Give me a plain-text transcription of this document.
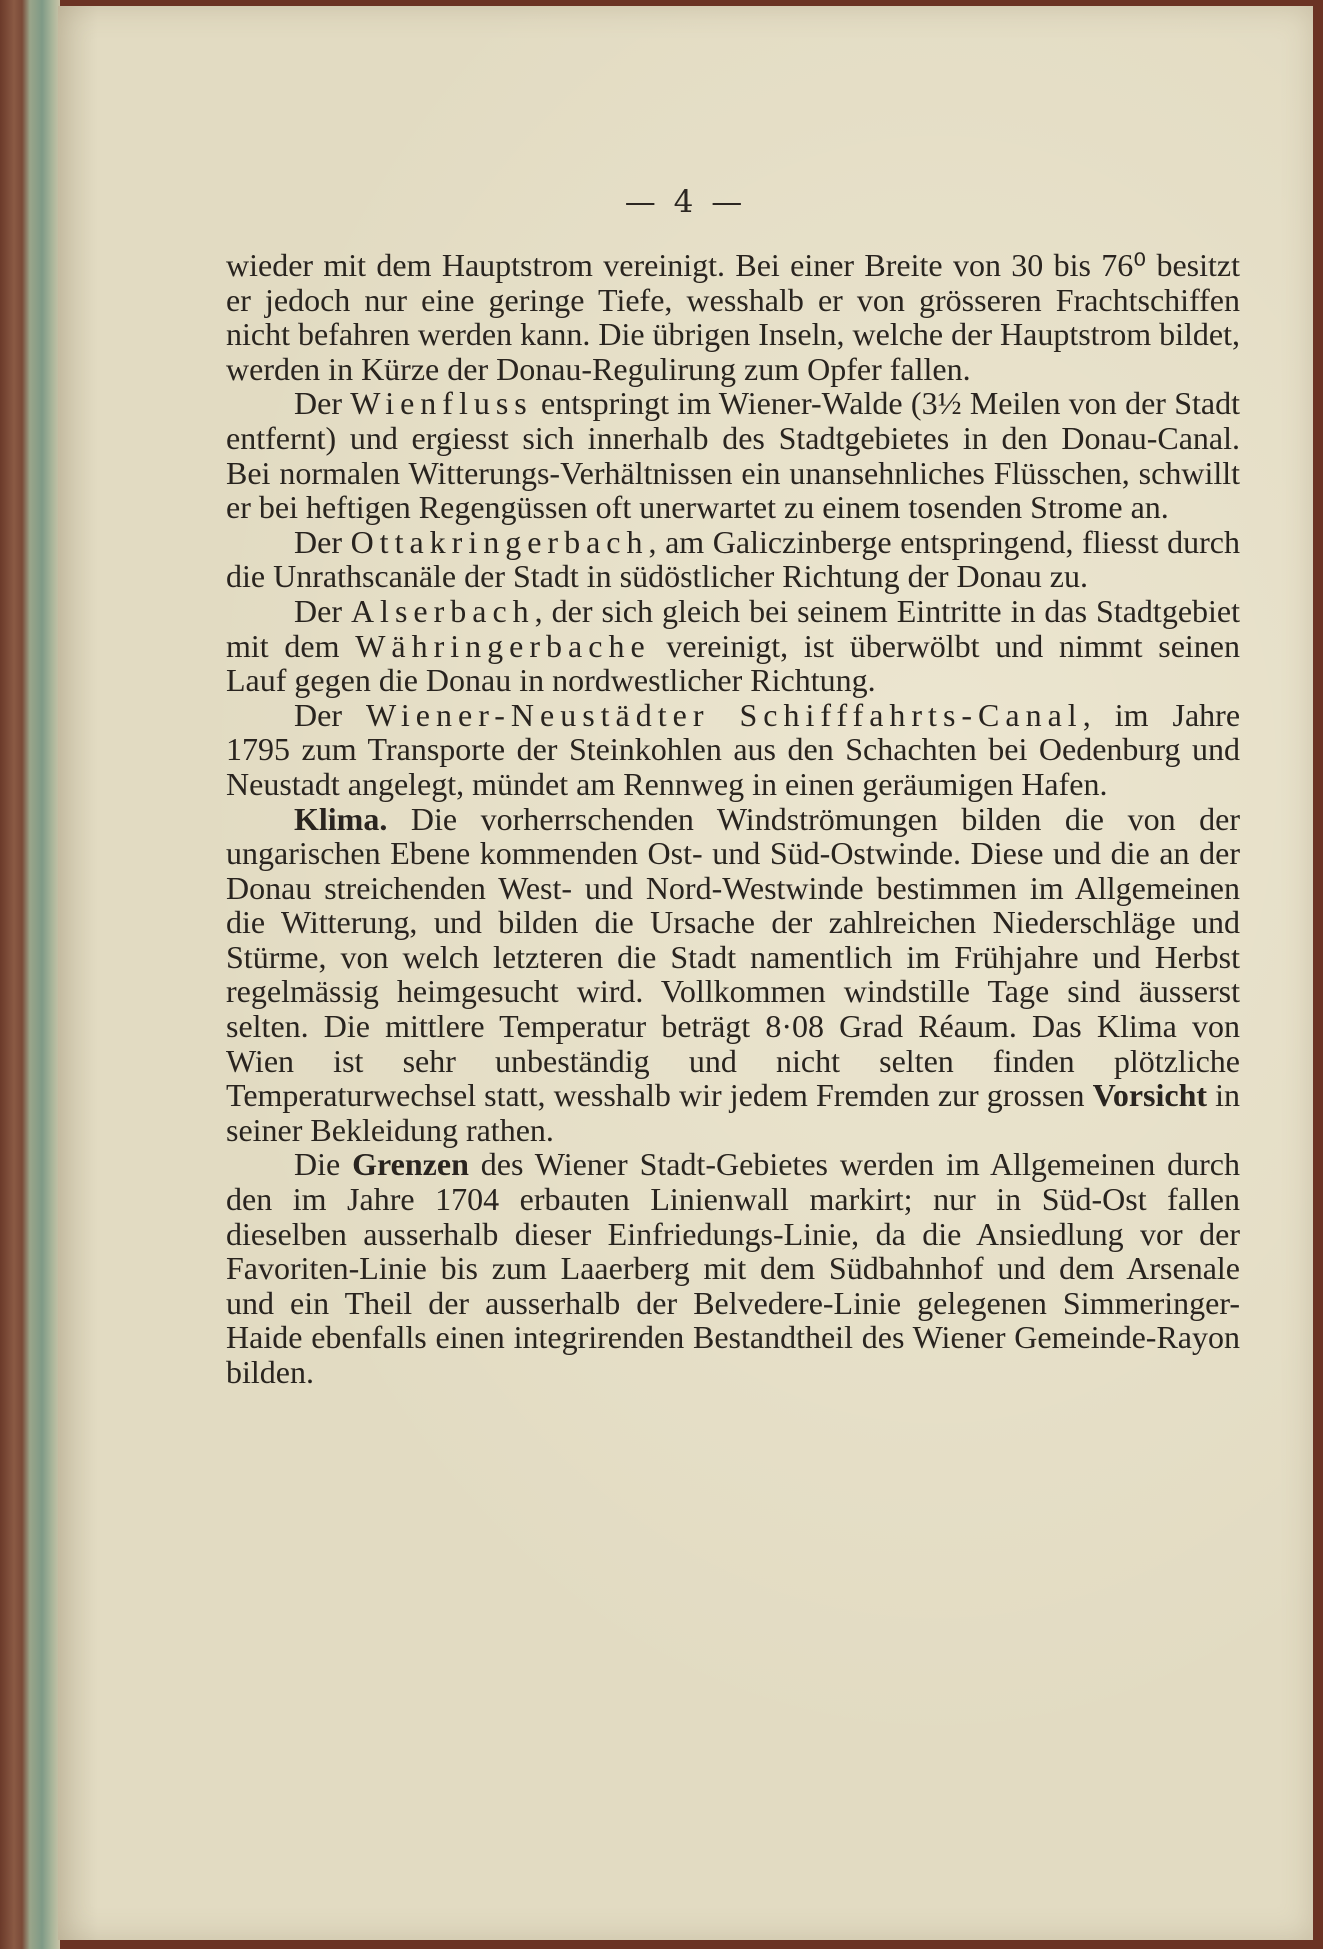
— 4 —

wieder mit dem Hauptstrom vereinigt. Bei einer Breite von 30 bis 76⁰ besitzt er jedoch nur eine geringe Tiefe, wesshalb er von grösseren Frachtschiffen nicht befahren werden kann. Die übrigen Inseln, welche der Hauptstrom bildet, werden in Kürze der Donau-Regulirung zum Opfer fallen.

Der Wienfluss entspringt im Wiener-Walde (3½ Meilen von der Stadt entfernt) und ergiesst sich innerhalb des Stadtgebietes in den Donau-Canal. Bei normalen Witterungs-Verhältnissen ein unansehnliches Flüsschen, schwillt er bei heftigen Regengüssen oft unerwartet zu einem tosenden Strome an.

Der Ottakringerbach, am Galiczinberge entspringend, fliesst durch die Unrathscanäle der Stadt in südöstlicher Richtung der Donau zu.

Der Alserbach, der sich gleich bei seinem Eintritte in das Stadtgebiet mit dem Währingerbache vereinigt, ist überwölbt und nimmt seinen Lauf gegen die Donau in nordwestlicher Richtung.

Der Wiener-Neustädter Schifffahrts-Canal, im Jahre 1795 zum Transporte der Steinkohlen aus den Schachten bei Oedenburg und Neustadt angelegt, mündet am Rennweg in einen geräumigen Hafen.

Klima. Die vorherrschenden Windströmungen bilden die von der ungarischen Ebene kommenden Ost- und Süd-Ostwinde. Diese und die an der Donau streichenden West- und Nord-Westwinde bestimmen im Allgemeinen die Witterung, und bilden die Ursache der zahlreichen Niederschläge und Stürme, von welch letzteren die Stadt namentlich im Frühjahre und Herbst regelmässig heimgesucht wird. Vollkommen windstille Tage sind äusserst selten. Die mittlere Temperatur beträgt 8·08 Grad Réaum. Das Klima von Wien ist sehr unbeständig und nicht selten finden plötzliche Temperaturwechsel statt, wesshalb wir jedem Fremden zur grossen Vorsicht in seiner Bekleidung rathen.

Die Grenzen des Wiener Stadt-Gebietes werden im Allgemeinen durch den im Jahre 1704 erbauten Linienwall markirt; nur in Süd-Ost fallen dieselben ausserhalb dieser Einfriedungs-Linie, da die Ansiedlung vor der Favoriten-Linie bis zum Laaerberg mit dem Südbahnhof und dem Arsenale und ein Theil der ausserhalb der Belvedere-Linie gelegenen Simmeringer-Haide ebenfalls einen integrirenden Bestandtheil des Wiener Gemeinde-Rayon bilden.
